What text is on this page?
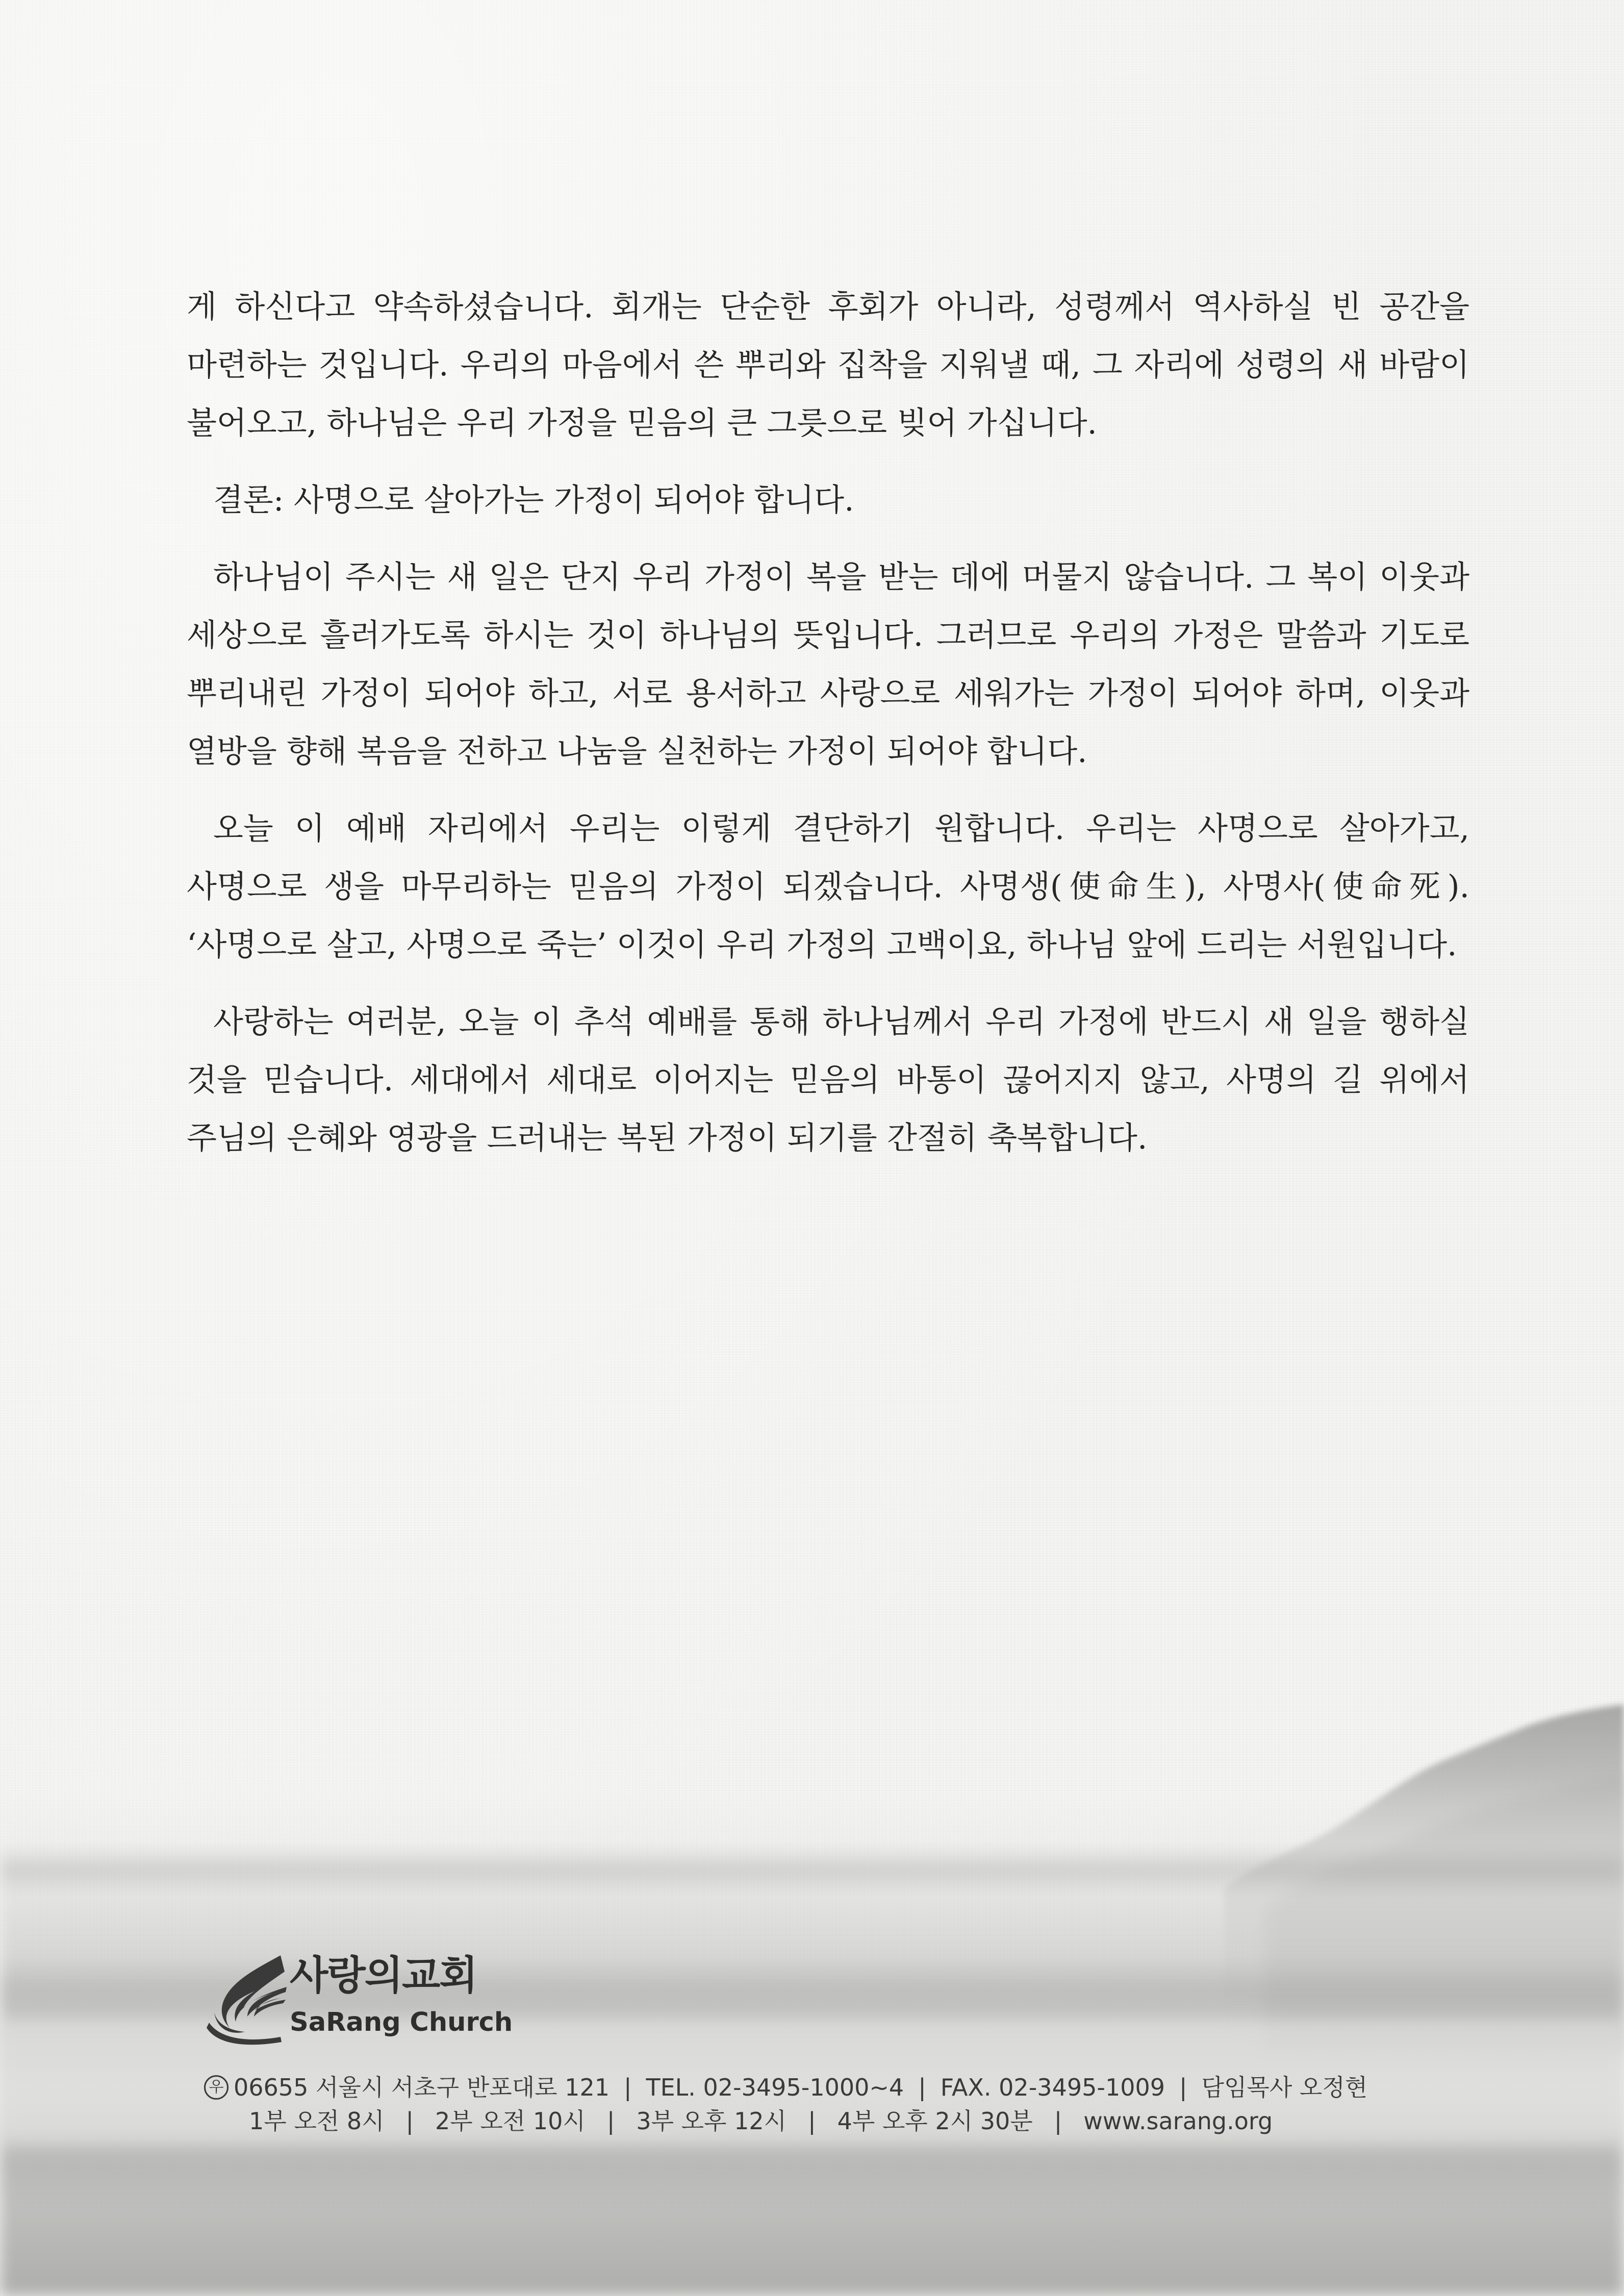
게 하신다고 약속하셨습니다. 회개는 단순한 후회가 아니라, 성령께서 역사하실 빈 공간을 마련하는 것입니다. 우리의 마음에서 쓴 뿌리와 집착을 지워낼 때, 그 자리에 성령의 새 바람이 불어오고, 하나님은 우리 가정을 믿음의 큰 그릇으로 빚어 가십니다.

결론: 사명으로 살아가는 가정이 되어야 합니다.

하나님이 주시는 새 일은 단지 우리 가정이 복을 받는 데에 머물지 않습니다. 그 복이 이웃과 세상으로 흘러가도록 하시는 것이 하나님의 뜻입니다. 그러므로 우리의 가정은 말씀과 기도로 뿌리내린 가정이 되어야 하고, 서로 용서하고 사랑으로 세워가는 가정이 되어야 하며, 이웃과 열방을 향해 복음을 전하고 나눔을 실천하는 가정이 되어야 합니다.

오늘 이 예배 자리에서 우리는 이렇게 결단하기 원합니다. 우리는 사명으로 살아가고, 사명으로 생을 마무리하는 믿음의 가정이 되겠습니다. 사명생(使命生), 사명사(使命死). ‘사명으로 살고, 사명으로 죽는’ 이것이 우리 가정의 고백이요, 하나님 앞에 드리는 서원입니다.

사랑하는 여러분, 오늘 이 추석 예배를 통해 하나님께서 우리 가정에 반드시 새 일을 행하실 것을 믿습니다. 세대에서 세대로 이어지는 믿음의 바통이 끊어지지 않고, 사명의 길 위에서 주님의 은혜와 영광을 드러내는 복된 가정이 되기를 간절히 축복합니다.

사랑의교회
SaRang Church
우 06655 서울시 서초구 반포대로 121 | TEL. 02-3495-1000~4 | FAX. 02-3495-1009 | 담임목사 오정현
1부 오전 8시 | 2부 오전 10시 | 3부 오후 12시 | 4부 오후 2시 30분 | www.sarang.org
